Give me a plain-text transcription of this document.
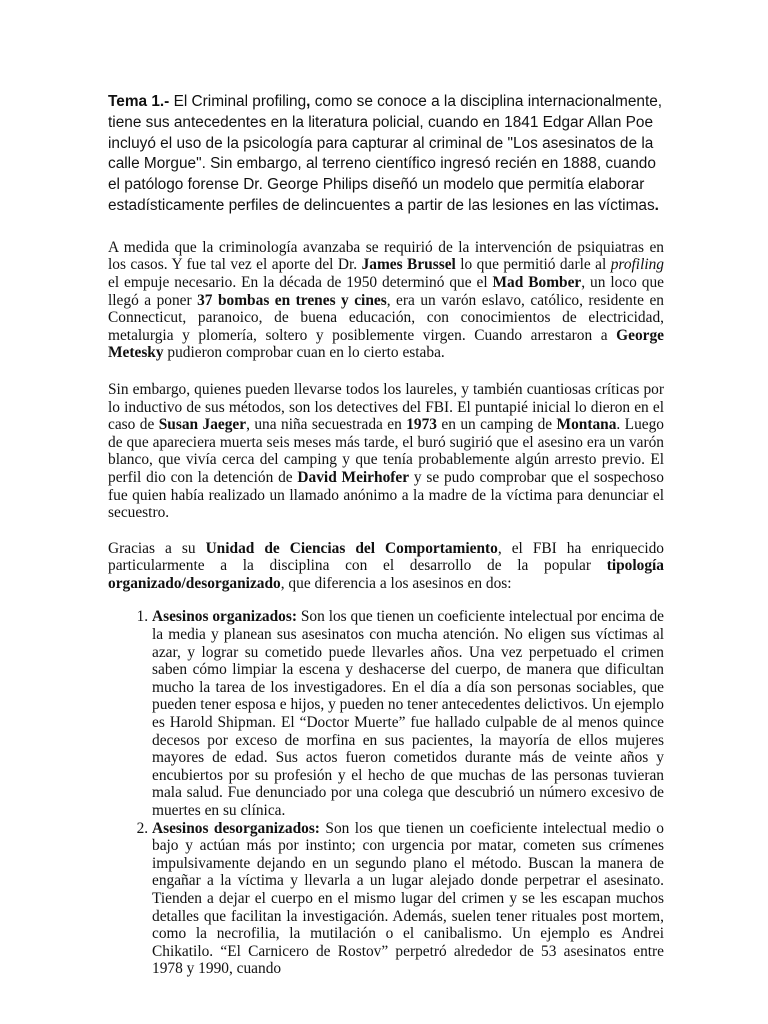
Tema 1.- El Criminal profiling, como se conoce a la disciplina internacionalmente, tiene sus antecedentes en la literatura policial, cuando en 1841 Edgar Allan Poe incluyó el uso de la psicología para capturar al criminal de "Los asesinatos de la calle Morgue". Sin embargo, al terreno científico ingresó recién en 1888, cuando el patólogo forense Dr. George Philips diseñó un modelo que permitía elaborar estadísticamente perfiles de delincuentes a partir de las lesiones en las víctimas.

A medida que la criminología avanzaba se requirió de la intervención de psiquiatras en los casos. Y fue tal vez el aporte del Dr. James Brussel lo que permitió darle al profiling el empuje necesario. En la década de 1950 determinó que el Mad Bomber, un loco que llegó a poner 37 bombas en trenes y cines, era un varón eslavo, católico, residente en Connecticut, paranoico, de buena educación, con conocimientos de electricidad, metalurgia y plomería, soltero y posiblemente virgen. Cuando arrestaron a George Metesky pudieron comprobar cuan en lo cierto estaba.

Sin embargo, quienes pueden llevarse todos los laureles, y también cuantiosas críticas por lo inductivo de sus métodos, son los detectives del FBI. El puntapié inicial lo dieron en el caso de Susan Jaeger, una niña secuestrada en 1973 en un camping de Montana. Luego de que apareciera muerta seis meses más tarde, el buró sugirió que el asesino era un varón blanco, que vivía cerca del camping y que tenía probablemente algún arresto previo. El perfil dio con la detención de David Meirhofer y se pudo comprobar que el sospechoso fue quien había realizado un llamado anónimo a la madre de la víctima para denunciar el secuestro.

Gracias a su Unidad de Ciencias del Comportamiento, el FBI ha enriquecido particularmente a la disciplina con el desarrollo de la popular tipología organizado/desorganizado, que diferencia a los asesinos en dos:

1. Asesinos organizados: Son los que tienen un coeficiente intelectual por encima de la media y planean sus asesinatos con mucha atención. No eligen sus víctimas al azar, y lograr su cometido puede llevarles años. Una vez perpetuado el crimen saben cómo limpiar la escena y deshacerse del cuerpo, de manera que dificultan mucho la tarea de los investigadores. En el día a día son personas sociables, que pueden tener esposa e hijos, y pueden no tener antecedentes delictivos. Un ejemplo es Harold Shipman. El “Doctor Muerte” fue hallado culpable de al menos quince decesos por exceso de morfina en sus pacientes, la mayoría de ellos mujeres mayores de edad. Sus actos fueron cometidos durante más de veinte años y encubiertos por su profesión y el hecho de que muchas de las personas tuvieran mala salud. Fue denunciado por una colega que descubrió un número excesivo de muertes en su clínica.
2. Asesinos desorganizados: Son los que tienen un coeficiente intelectual medio o bajo y actúan más por instinto; con urgencia por matar, cometen sus crímenes impulsivamente dejando en un segundo plano el método. Buscan la manera de engañar a la víctima y llevarla a un lugar alejado donde perpetrar el asesinato. Tienden a dejar el cuerpo en el mismo lugar del crimen y se les escapan muchos detalles que facilitan la investigación. Además, suelen tener rituales post mortem, como la necrofilia, la mutilación o el canibalismo. Un ejemplo es Andrei Chikatilo. “El Carnicero de Rostov” perpetró alrededor de 53 asesinatos entre 1978 y 1990, cuando
